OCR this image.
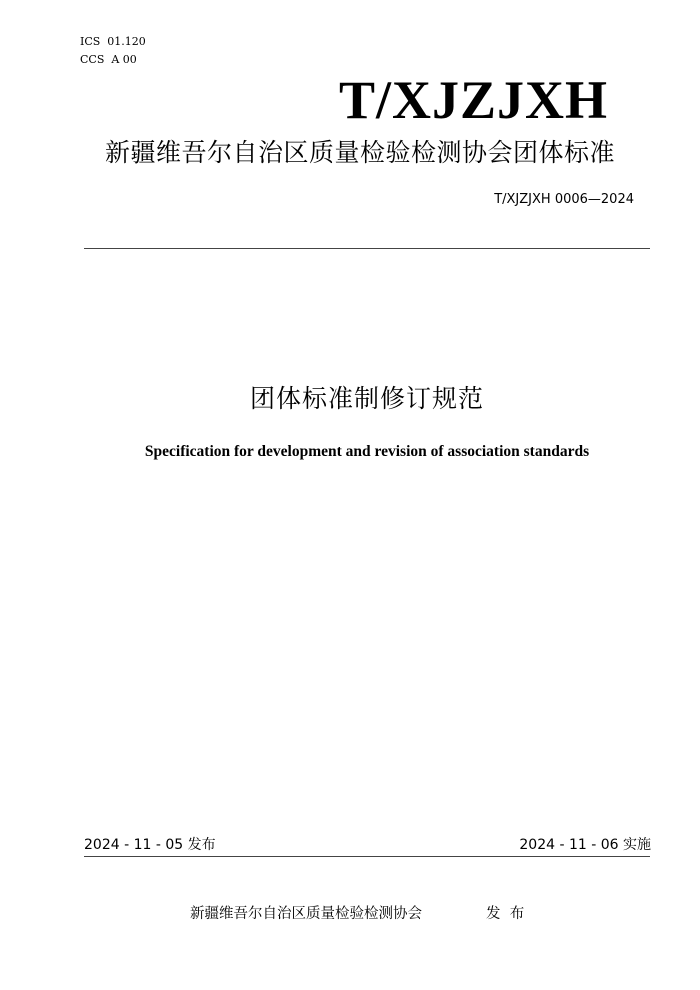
ICS  01.120
CCS  A 00
T/XJZJXH
新疆维吾尔自治区质量检验检测协会团体标准
T/XJZJXH 0006—2024
团体标准制修订规范
Specification for development and revision of association standards
2024 - 11 - 05 发布	2024 - 11 - 06 实施
新疆维吾尔自治区质量检验检测协会	发  布
